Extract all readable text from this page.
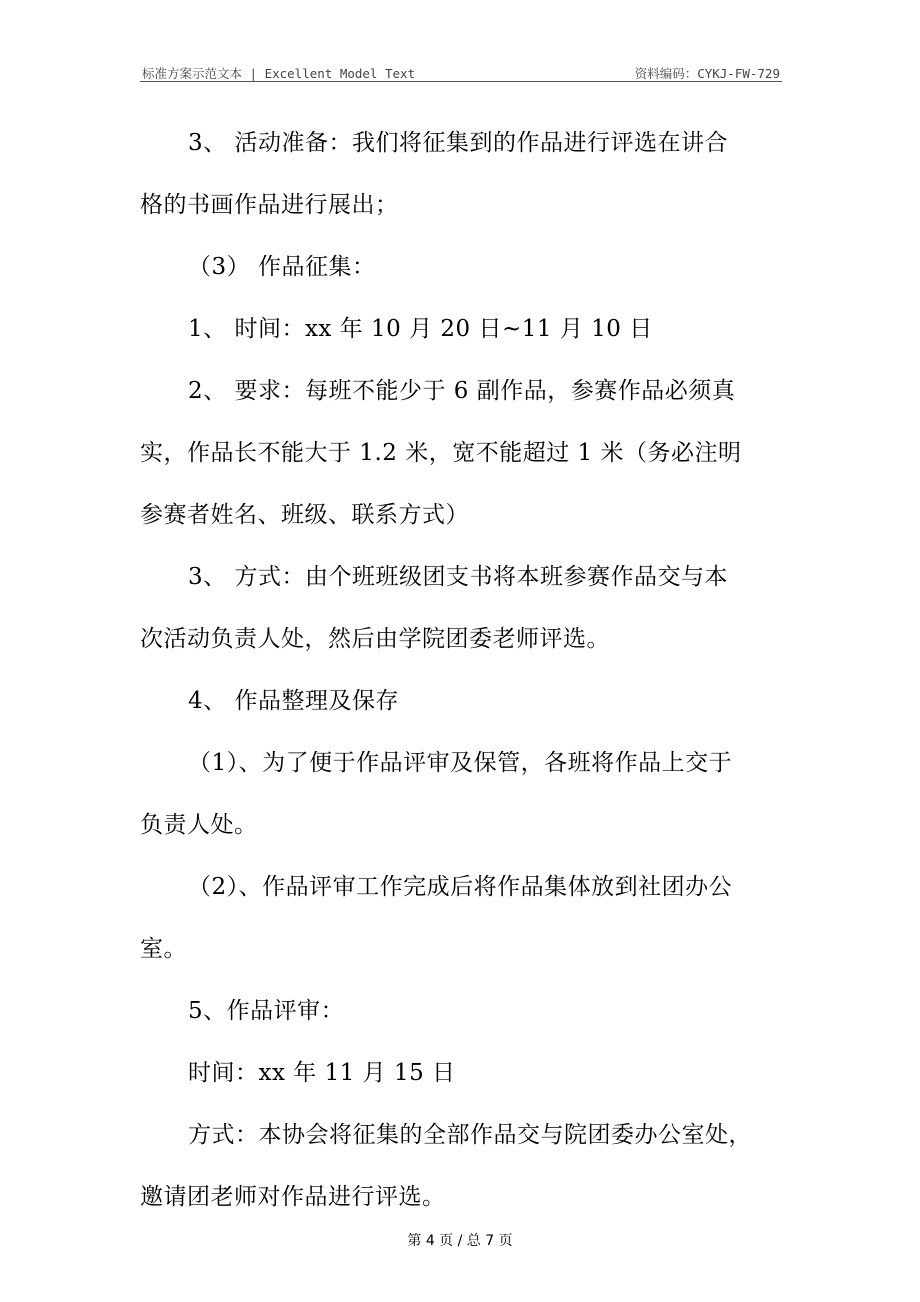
标准方案示范文本 | Excellent Model Text	资料编码：CYKJ-FW-729
3、 活动准备：我们将征集到的作品进行评选在讲合
格的书画作品进行展出；
（3） 作品征集：
1、 时间：xx 年 10 月 20 日~11 月 10 日
2、 要求：每班不能少于 6 副作品，参赛作品必须真
实，作品长不能大于 1.2 米，宽不能超过 1 米（务必注明
参赛者姓名、班级、联系方式）
3、 方式：由个班班级团支书将本班参赛作品交与本
次活动负责人处，然后由学院团委老师评选。
4、 作品整理及保存
（1）、为了便于作品评审及保管，各班将作品上交于
负责人处。
（2）、作品评审工作完成后将作品集体放到社团办公
室。
5、作品评审：
时间：xx 年 11 月 15 日
方式：本协会将征集的全部作品交与院团委办公室处，
邀请团老师对作品进行评选。
第 4 页 / 总 7 页
